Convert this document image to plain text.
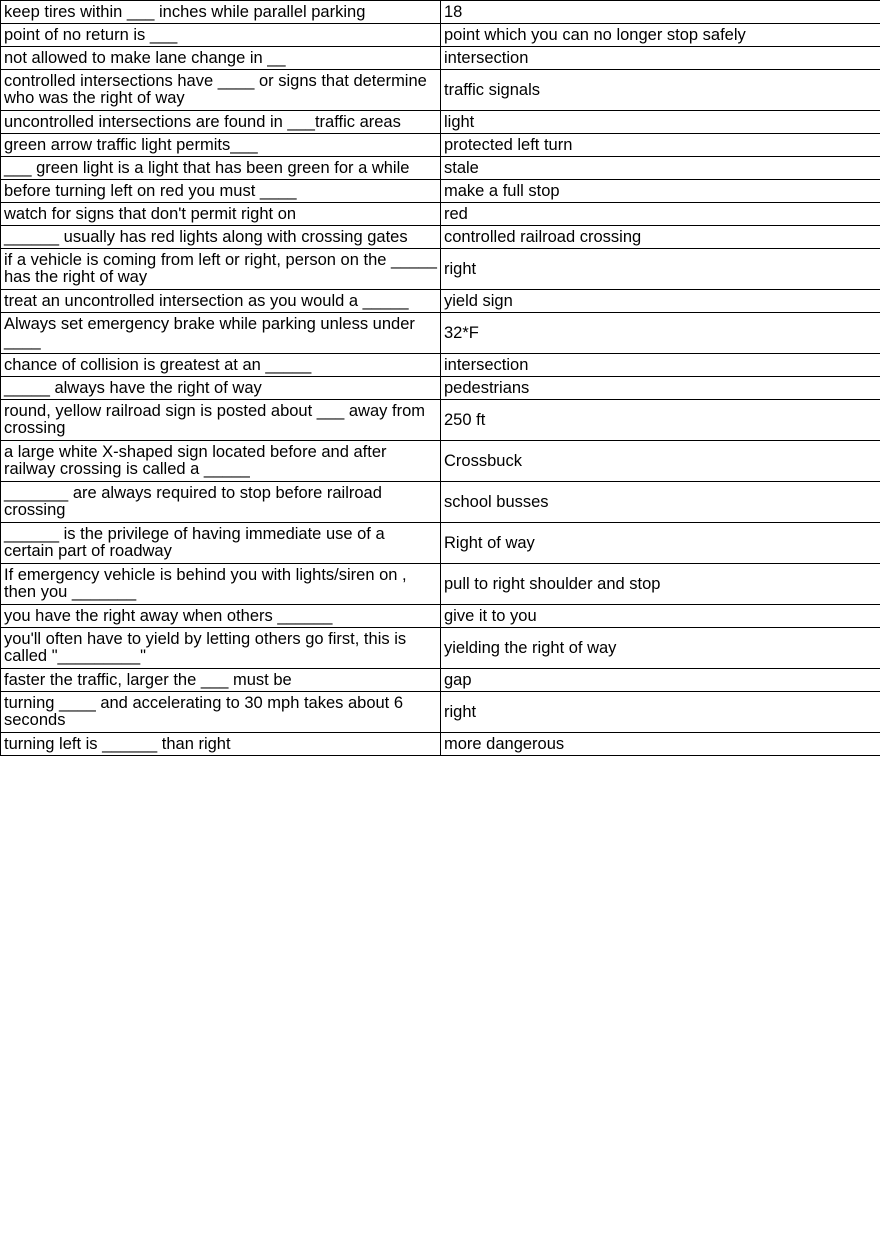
keep tires within ___ inches while parallel parking	18
point of no return is ___	point which you can no longer stop safely
not allowed to make lane change in __	intersection
controlled intersections have ____ or signs that determine who was the right of way	traffic signals
uncontrolled intersections are found in ___traffic areas	light
green arrow traffic light permits___	protected left turn
___ green light is a light that has been green for a while	stale
before turning left on red you must ____	make a full stop
watch for signs that don't permit right on	red
______ usually has red lights along with crossing gates	controlled railroad crossing
if a vehicle is coming from left or right, person on the _____ has the right of way	right
treat an uncontrolled intersection as you would a _____	yield sign
Always set emergency brake while parking unless under ____	32*F
chance of collision is greatest at an _____	intersection
_____ always have the right of way	pedestrians
round, yellow railroad sign is posted about ___ away from crossing	250 ft
a large white X-shaped sign located before and after railway crossing is called a _____	Crossbuck
_______ are always required to stop before railroad crossing	school busses
______ is the privilege of having immediate use of a certain part of roadway	Right of way
If emergency vehicle is behind you with lights/siren on , then you _______	pull to right shoulder and stop
you have the right away when others ______	give it to you
you'll often have to yield by letting others go first, this is called "_________"	yielding the right of way
faster the traffic, larger the ___ must be	gap
turning ____ and accelerating to 30 mph takes about 6 seconds	right
turning left is ______ than right	more dangerous
